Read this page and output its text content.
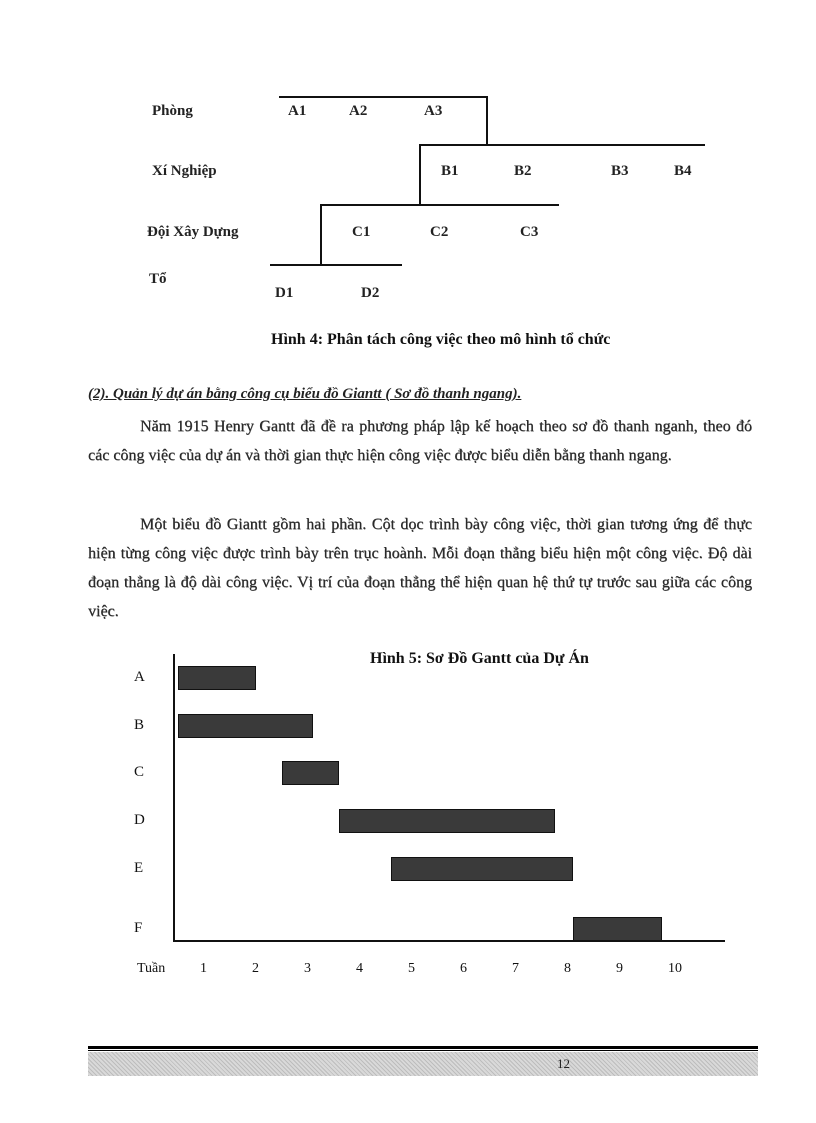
Phòng
Xí Nghiệp
Đội Xây Dựng
Tổ
A1	A2	A3
B1	B2	B3	B4
C1	C2	C3
D1	D2
Hình 4: Phân tách công việc theo mô hình tổ chức
(2). Quản lý dự án bằng công cụ biểu đồ Giantt ( Sơ đồ thanh ngang).
Năm 1915 Henry Gantt đã đề ra phương pháp lập kế hoạch theo sơ đồ thanh nganh, theo đó các công việc của dự án và thời gian thực hiện công việc được biểu diễn bằng thanh ngang.
Một biểu đồ Giantt gồm hai phần. Cột dọc trình bày công việc, thời gian tương ứng để thực hiện từng công việc được trình bày trên trục hoành. Mỗi đoạn thẳng biểu hiện một công việc. Độ dài đoạn thẳng là độ dài công việc. Vị trí của đoạn thẳng thể hiện quan hệ thứ tự trước sau giữa các công việc.
Hình 5: Sơ Đồ Gantt của Dự Án
Tuần
A
B
C
D
E
F
1	2	3	4	5	6	7	8	9	10
12
